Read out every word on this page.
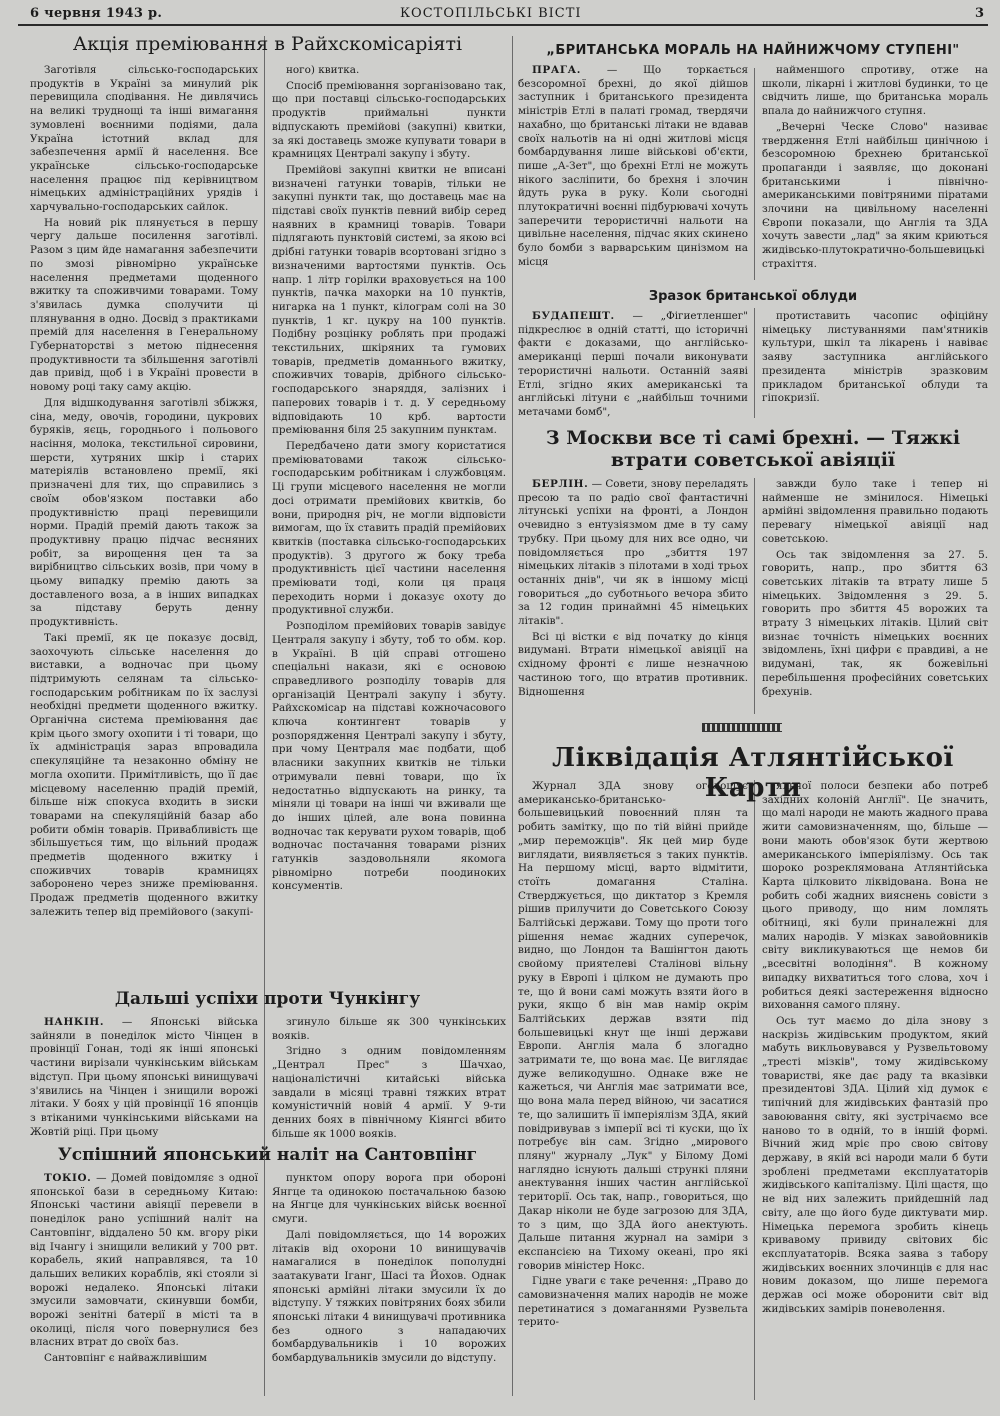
6 червня 1943 р.	КОСТОПІЛЬСЬКІ ВІСТІ	3
Акція преміювання в Райхскомісаріяті

Заготівля сільсько-господарських продуктів в Україні за минулий рік перевищила сподівання. Не дивлячись на великі труднощі та інші вимагання зумовлені воєнними подіями, дала Україна істотний вклад для забезпечення армії й населення. Все українське сільсько-господарське населення працює під керівництвом німецьких адміністраційних урядів і харчувально-господарських сайлок.

На новий рік плянується в першу чергу дальше посилення заготівлі. Разом з цим йде намагання забезпечити по змозі рівномірно українське населення предметами щоденного вжитку та споживчими товарами. Тому з'явилась думка сполучити ці плянування в одно. Досвід з практиками премій для населення в Генеральному Губернаторстві з метою піднесення продуктивности та збільшення заготівлі дав привід, щоб і в Україні провести в новому році таку саму акцію.

Для відшкодування заготівлі збіжжя, сіна, меду, овочів, городини, цукрових буряків, яєць, городнього і польового насіння, молока, текстильної сировини, шерсти, хутряних шкір і старих матеріялів встановлено премії, які призначені для тих, що справились з своїм обов'язком поставки або продуктивністю праці перевищили норми. Прадій премій дають також за продуктивну працю підчас весняних робіт, за вирощення цен та за вирібництво сільських возів, при чому в цьому випадку премію дають за доставленого воза, а в інших випадках за підставу беруть денну продуктивність.

Такі премії, як це показує досвід, заохочують сільське населення до виставки, а водночас при цьому підтримують селянам та сільсько-господарським робітникам по їх заслузі необхідні предмети щоденного вжитку. Органічна система преміювання дає крім цього змогу охопити і ті товари, що їх адміністрація зараз впровадила спекуляційне та незаконно обміну не могла охопити. Примітливість, що її дає місцевому населенню прадій премій, більше ніж спокуса входить в зиски товарами на спекуляційній базар або робити обмін товарів. Привабливість ще збільшується тим, що вільний продаж предметів щоденного вжитку і споживчих товарів крамницях заборонено через зниже преміювання. Продаж предметів щоденного вжитку залежить тепер від премійового (закупі-

ного) квитка.

Спосіб преміювання зорганізовано так, що при поставці сільсько-господарських продуктів приймальні пункти відпускають премійові (закупні) квитки, за які доставець зможе купувати товари в крамницях Централі закупу і збуту.

Премійові закупні квитки не вписані визначені гатунки товарів, тільки не закупні пункти так, що доставець має на підставі своїх пунктів певний вибір серед наявних в крамниці товарів. Товари підлягають пунктовій системі, за якою всі дрібні гатунки товарів всортовані згідно з визначеними вартостями пунктів. Ось напр. 1 літр горілки враховується на 100 пунктів, пачка махорки на 10 пунктів, нигарка на 1 пункт, кілограм солі на 30 пунктів, 1 кг. цукру на 100 пунктів. Подібну розцінку роблять при продажі текстильних, шкіряних та гумових товарів, предметів доманнього вжитку, споживчих товарів, дрібного сільсько-господарського знаряддя, залізних і паперових товарів і т. д. У середньому відповідають 10 крб. вартости преміювання біля 25 закупним пунктам.

Передбачено дати змогу користатися преміюватовами також сільсько-господарським робітникам і службовцям. Ці групи місцевого населення не могли досі отримати премійових квитків, бо вони, природня річ, не могли відповісти вимогам, що їх ставить прадій премійових квитків (поставка сільсько-господарських продуктів). З другого ж боку треба продуктивність цієї частини населення преміювати тоді, коли ця праця переходить норми і доказує охоту до продуктивної служби.

Розподілом премійових товарів завідує Централя закупу і збуту, тоб то обм. кор. в Україні. В цій справі отгошено спеціальні накази, які є основою справедливого розподілу товарів для організацій Централі закупу і збуту. Райхскомісар на підставі кожночасового ключа контингент товарів у розпорядження Централі закупу і збуту, при чому Централя має подбати, щоб власники закупних квитків не тільки отримували певні товари, що їх недостатньо відпускають на ринку, та міняли ці товари на інші чи вживали ще до інших цілей, але вона повинна водночас так керувати рухом товарів, щоб водночас постачання товарами різних гатунків заздовольняли якомога рівномірно потреби поодиноких консументів.

Дальші успіхи проти Чункінгу

НАНКІН. — Японські війська зайняли в понеділок місто Чінцен в провінції Гонан, тоді як інші японські частини вирізали чункінським військам відступ. При цьому японські винищувачі з'явились на Чінцен і знищили ворожі літаки. У боях у цій провінції 16 японців з втіканими чункінськими військами на Жовтій ріці. При цьому

згинуло більше як 300 чункінських вояків.

Згідно з одним повідомленням „Централ Прес" з Шачхао, націоналістичні китайські війська завдали в місяці травні тяжких втрат комуністичній новій 4 армії. У 9-ти денних боях в північному Кіянгсі вбито більше як 1000 вояків.

Успішний японський наліт на Сантовпінг

ТОКІО. — Домей повідомляє з одної японської бази в середньому Китаю: Японські частини авіяції перевели в понеділок рано успішний наліт на Сантовпінг, віддалено 50 км. вгору ріки від Ічангу і знищили великий у 700 рвт. корабель, який направлявся, та 10 дальших великих кораблів, які стояли зі ворожі недалеко. Японські літаки змусили замовчати, скинувши бомби, ворожі зенітні батерії в місті та в околиці, після чого повернулися без власних втрат до своїх баз.

Сантовпінг є найважливішим

пунктом опору ворога при обороні Янгце та одинокою постачальною базою на Янгце для чункінських військ воєнної смуги.

Далі повідомляється, що 14 ворожих літаків від охорони 10 винищувачів намагалися в понеділок пополудні заатакувати Іганг, Шасі та Йохов. Однак японські армійні літаки змусили їх до відступу. У тяжких повітряних боях збили японські літаки 4 винищувачі противника без одного з нападаючих бомбардувальників і 10 ворожих бомбардувальників змусили до відступу.

„БРИТАНСЬКА МОРАЛЬ НА НАЙНИЖЧОМУ СТУПЕНІ"

ПРАГА. — Що торкається безсоромної брехні, до якої дійшов заступник і британського президента міністрів Етлі в палаті громад, твердячи нахабно, що британські літаки не вдавав своїх нальотів на ні одні житлові місця бомбардування лише військові об'єкти, пише „А-Зет", що брехні Етлі не можуть нікого засліпити, бо брехня і злочин йдуть рука в руку. Коли сьогодні плутократичні воєнні підбурювачі хочуть заперечити терористичні нальоти на цивільне населення, підчас яких скинено було бомби з варварським цинізмом на місця

найменшого спротиву, отже на школи, лікарні і житлові будинки, то це свідчить лише, що британська мораль впала до найнижчого ступня.

„Вечерні Ческе Слово" називає твердження Етлі найбільш цинічною і безсоромною брехнею британської пропаганди і заявляє, що доконані британськими і північно-американськими повітряними піратами злочини на цивільному населенні Європи показали, що Англія та ЗДА хочуть завести „лад" за яким криються жидівсько-плутократично-большевицькі страхіття.

Зразок британської облуди

БУДАПЕШТ. — „Фігиетленшег" підкреслює в одній статті, що історичні факти є доказами, що англійсько-американці перші почали виконувати терористичні нальоти. Останній заяві Етлі, згідно яких американські та англійські літуни є „найбільш точними метачами бомб",

протиставить часопис офіційну німецьку листуваннями пам'ятників культури, шкіл та лікарень і навіває заяву заступника англійського президента міністрів зразковим прикладом британської облуди та гіпокризії.

З Москви все ті самі брехні. — Тяжкі втрати советської авіяції

БЕРЛІН. — Совети, знову переладять пресою та по радіо свої фантастичні літунські успіхи на фронті, а Лондон очевидно з ентузіязмом дме в ту саму трубку. При цьому для них все одно, чи повідомляється про „збиття 197 німецьких літаків з пілотами в ході трьох останніх днів", чи як в іншому місці говориться „до суботнього вечора збито за 12 годин принаймні 45 німецьких літаків".

Всі ці вістки є від початку до кінця видумані. Втрати німецької авіяції на східному фронті є лише незначною частиною того, що втратив противник. Відношення

завжди було таке і тепер ні найменше не змінилося. Німецькі армійні звідомлення правильно подають перевагу німецької авіяції над советською.

Ось так звідомлення за 27. 5. говорить, напр., про збиття 63 советських літаків та втрату лише 5 німецьких. Звідомлення з 29. 5. говорить про збиття 45 ворожих та втрату 3 німецьких літаків. Цілий світ визнає точність німецьких воєнних звідомлень, їхні цифри є правдиві, а не видумані, так, як божевільні перебільшення професійних советських брехунів.

Ліквідація Атлянтійської Карти

Журнал ЗДА знову оголошує американсько-британсько-большевицький повоєнний плян та робить замітку, що по тій війні прийде „мир переможців". Як цей мир буде виглядати, виявляється з таких пунктів. На першому місці, варто відмітити, стоїть домагання Сталіна. Стверджується, що диктатор з Кремля рішив прилучити до Советського Союзу Балтійські держави. Тому що проти того рішення немає жадних суперечок, видно, що Лондон та Вашінгтон дають свойому приятелеві Сталінові вільну руку в Европі і цілком не думають про те, що й вони самі можуть взяти його в руки, якщо б він мав намір окрім Балтійських держав взяти під большевицькі кнут ще інші держави Европи. Англія мала б злогадно затримати те, що вона має. Це виглядає дуже великодушно. Однаке вже не кажеться, чи Англія має затримати все, що вона мала перед війною, чи засатися те, що залишить її імперіялізм ЗДА, який повідривував з імперії всі ті куски, що їх потребує він сам. Згідно „мирового пляну" журналу „Лук" у Білому Домі наглядно існують дальші стрункі пляни анектування інших частин англійської території. Ось так, напр., говориться, що Дакар ніколи не буде загрозою для ЗДА, то з цим, що ЗДА його анектують. Дальше питання журнал на заміри з експансією на Тихому океані, про які говорив міністер Нокс.

Гідне уваги є таке речення: „Право до самовизначення малих народів не може перетинатися з домаганнями Рузвельта терито-

яльної полоси безпеки або потреб західних колоній Англії". Це значить, що малі народи не мають жадного права жити самовизначенням, що, більше — вони мають обов'язок бути жертвою американського імперіялізму. Ось так шороко розреклямована Атлянтійська Карта цілковито ліквідована. Вона не робить собі жадних вияснень совісти з цього приводу, що ним ломлять обітниці, які були приналежні для малих народів. У мізках завойовників світу викликуваються ще немов би „всесвітні володіння". В кожному випадку вихватиться того слова, хоч і робиться деякі застереження відносно виховання самого пляну.

Ось тут маємо до діла знову з наскрізь жидівським продуктом, який мабуть викльовувався у Рузвельтовому „тресті мізків", тому жидівському товаристві, яке дає раду та вказівки президентові ЗДА. Цілий хід думок є типічний для жидівських фантазій про завоювання світу, які зустрічаємо все наново то в одній, то в іншій формі. Вічний жид мріє про свою світову державу, в якій всі народи мали б бути зроблені предметами експлуататорів жидівського капіталізму. Цілі щастя, що не від них залежить прийдешній лад світу, але що його буде диктувати мир. Німецька перемога зробить кінець кривавому привиду світових біс експлуататорів. Всяка заява з табору жидівських воєнних злочинців є для нас новим доказом, що лише перемога держав осі може оборонити світ від жидівських замірів поневолення.
